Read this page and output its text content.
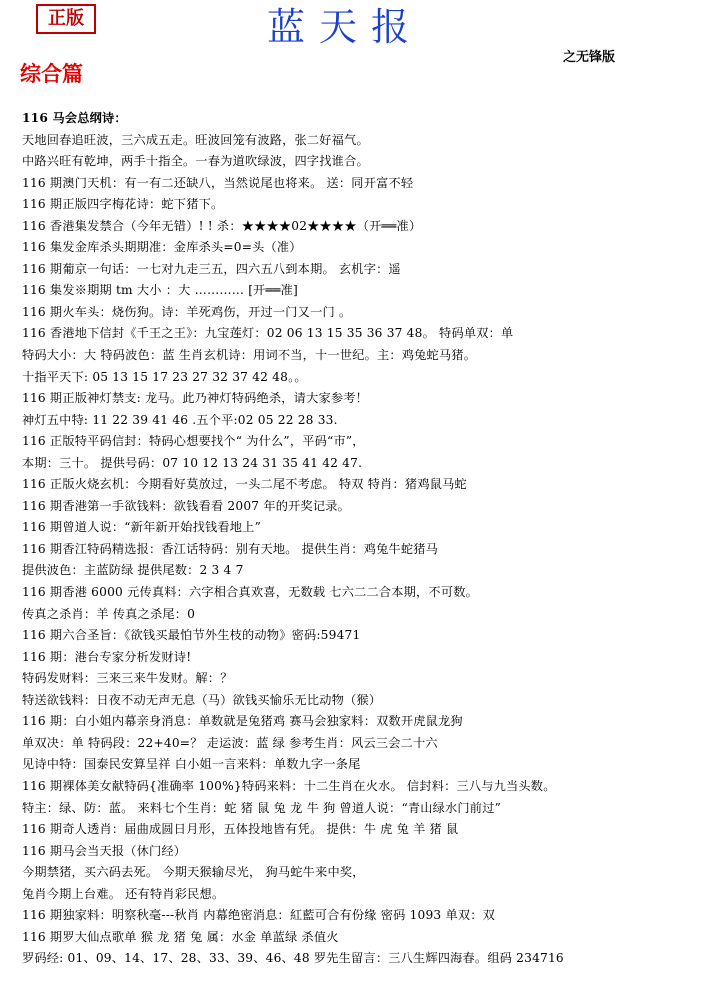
正版	蓝天报
之无锋版
综合篇
116 马会总纲诗：
天地回春追旺波，三六成五走。旺波回笼有波路，张二好福气。
中路兴旺有乾坤，两手十指全。一春为道吹绿波，四字找谁合。
116 期澳门天机：有一有二还缺八，当然说尾也将来。 送：同开富不轻
116 期正版四字梅花诗：蛇下猪下。
116 香港集发禁合（今年无错）! ! 杀：★★★★02★★★★（开══准）
116 集发金库杀头期期准：金库杀头=0=头（准）
116 期葡京一句话：一七对九走三五，四六五八到本期。 玄机字：遥
116 集发※期期 tm 大小 ：大 ………… [开══准]
116 期火车头：烧伤狗。诗：羊死鸡伤，开过一门又一门 。
116 香港地下信封《千王之王》：九宝莲灯：02 06 13 15 35 36 37 48。 特码单双：单
特码大小：大 特码波色：蓝 生肖玄机诗：用词不当，十一世纪。主：鸡兔蛇马猪。
十指平天下: 05 13 15 17 23 27 32 37 42 48。。
116 期正版神灯禁支: 龙马。此乃神灯特码绝杀，请大家参考！
神灯五中特: 11 22 39 41 46 .五个平:02 05 22 28 33.
116 正版特平码信封：特码心想要找个“ 为什么”，平码“市”，
本期：三十。 提供号码：07 10 12 13 24 31 35 41 42 47.
116 正版火烧玄机：今期看好莫放过，一头二尾不考虑。 特双 特肖：猪鸡鼠马蛇
116 期香港第一手欲钱料：欲钱看看 2007 年的开奖记录。
116 期曾道人说：“新年新开始找钱看地上”
116 期香江特码精选报：香江话特码：别有天地。 提供生肖：鸡兔牛蛇猪马
提供波色：主蓝防绿 提供尾数：2 3 4 7
116 期香港 6000 元传真料：六字相合真欢喜，无数载 七六二二合本期，不可数。
传真之杀肖：羊 传真之杀尾：0
116 期六合圣旨：《欲钱买最怕节外生枝的动物》密码:59471
116 期：港台专家分析发财诗!
特码发财料：三来三来牛发财。解：？
特送欲钱料：日夜不动无声无息（马）欲钱买愉乐无比动物（猴）
116 期：白小姐内幕亲身消息：单数就是兔猪鸡 赛马会独家料：双数开虎鼠龙狗
单双决：单 特码段：22+40=？ 走运波：蓝 绿 参考生肖：风云三会二十六
见诗中特：国泰民安算呈祥 白小姐一言来料：单数九字一条尾
116 期裸体美女献特码{准确率 100%}特码来料：十二生肖在火水。 信封料：三八与九当头数。
特主：绿、防：蓝。 来料七个生肖：蛇 猪 鼠 兔 龙 牛 狗 曾道人说：“青山绿水门前过”
116 期奇人透肖：届曲成圆日月形，五体投地皆有凭。 提供：牛 虎 兔 羊 猪 鼠
116 期马会当天报（休门经）
今期禁猪，买六码去死。 今期天猴输尽光， 狗马蛇牛来中奖，
兔肖今期上台难。 还有特肖彩民想。
116 期独家料：明察秋毫---秋肖 内幕绝密消息：紅藍可合有份缘 密码 1093 单双：双
116 期罗大仙点歌单 猴 龙 猪 兔 属：水金 单蓝绿 杀值火
罗码经: 01、09、14、17、28、33、39、46、48 罗先生留言：三八生辉四海春。组码 234716
